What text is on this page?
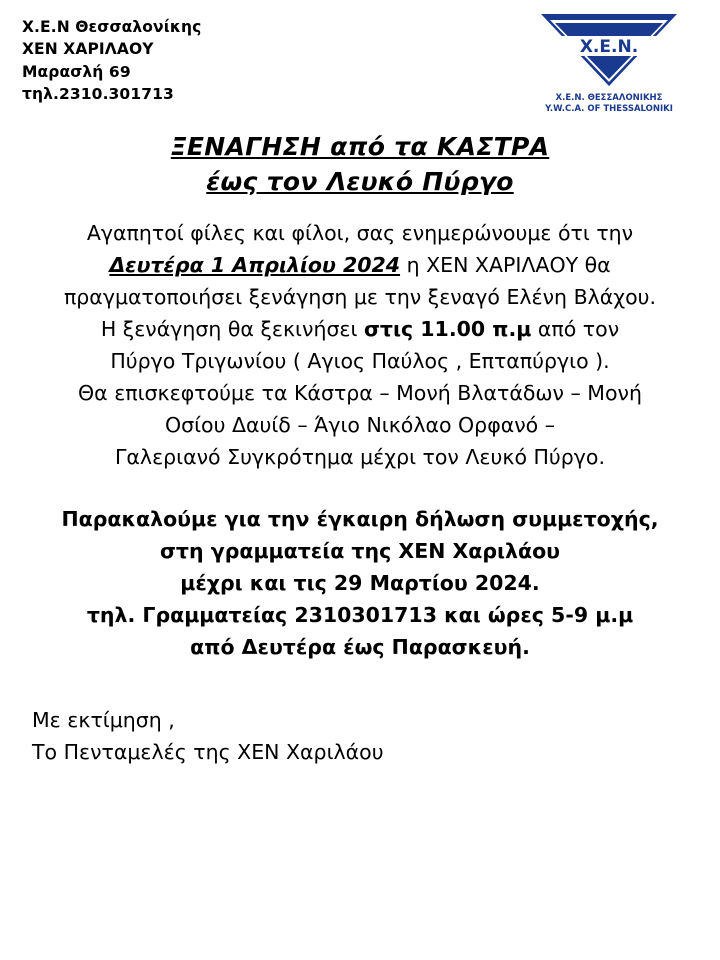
Χ.Ε.Ν Θεσσαλονίκης
ΧΕΝ ΧΑΡΙΛΑΟΥ
Μαρασλή 69
τηλ.2310.301713
Χ.Ε.Ν.
Χ.Ε.Ν. ΘΕΣΣΑΛΟΝΙΚΗΣ
Y.W.C.A. OF THESSALONIKI
ΞΕΝΑΓΗΣΗ από τα ΚΑΣΤΡΑ
έως τον Λευκό Πύργο
Αγαπητοί φίλες και φίλοι, σας ενημερώνουμε ότι την
Δευτέρα 1 Απριλίου 2024 η ΧΕΝ ΧΑΡΙΛΑΟΥ θα
πραγματοποιήσει ξενάγηση με την ξεναγό Ελένη Βλάχου.
Η ξενάγηση θα ξεκινήσει στις 11.00 π.μ από τον
Πύργο Τριγωνίου ( Αγιος Παύλος , Επταπύργιο ).
Θα επισκεφτούμε τα Κάστρα – Μονή Βλατάδων – Μονή
Οσίου Δαυίδ – Άγιο Νικόλαο Ορφανό –
Γαλεριανό Συγκρότημα μέχρι τον Λευκό Πύργο.
Παρακαλούμε για την έγκαιρη δήλωση συμμετοχής,
στη γραμματεία της ΧΕΝ Χαριλάου
μέχρι και τις 29 Μαρτίου 2024.
τηλ. Γραμματείας 2310301713 και ώρες 5-9 μ.μ
από Δευτέρα έως Παρασκευή.
Με εκτίμηση ,
Το Πενταμελές της ΧΕΝ Χαριλάου
